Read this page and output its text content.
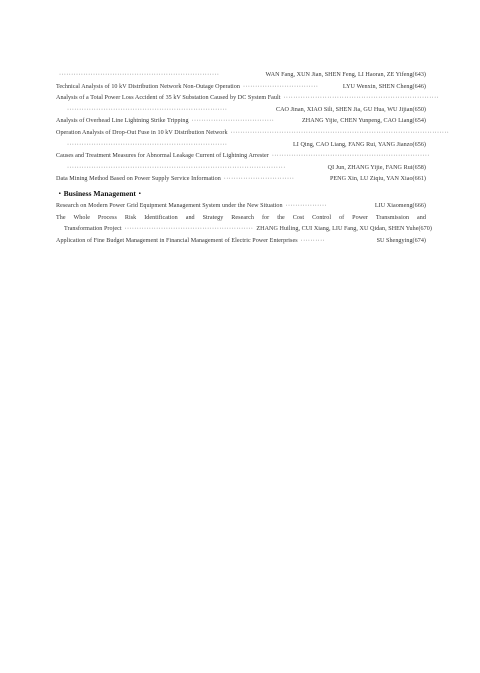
··································································	WAN Fang, XUN Jian, SHEN Feng, LI Haoran, ZE Yifeng(643)
Technical Analysis of 10 kV Distribution Network Non-Outage Operation ·······························	LYU Wenxin, SHEN Cheng(646)
Analysis of a Total Power Loss Accident of 35 kV Substation Caused by DC System Fault ································································
··································································	CAO Jinan, XIAO Sili, SHEN Jia, GU Hua, WU Jijian(650)
Analysis of Overhead Line Lightning Strike Tripping ··································	ZHANG Yijie, CHEN Yunpeng, CAO Liang(654)
Operation Analysis of Drop-Out Fuse in 10 kV Distribution Network ··························································································
··································································	LI Qing, CAO Liang, FANG Rui, YANG Jianzo(656)
Causes and Treatment Measures for Abnormal Leakage Current of Lightning Arrester ·································································
··························································································	QI Jun, ZHANG Yijie, FANG Rui(658)
Data Mining Method Based on Power Supply Service Information ·····························	PENG Xin, LU Ziqiu, YAN Xiao(661)
・Business Management・
Research on Modern Power Grid Equipment Management System under the New Situation ·················	LIU Xiaomeng(666)
The Whole Process Risk Identification and Strategy Research for the Cost Control of Power Transmission and
Transformation Project ····················································· ZHANG Huiling, CUI Xiang, LIU Fang, XU Qidan, SHEN Yuhe(670)
Application of Fine Budget Management in Financial Management of Electric Power Enterprises ··········	SU Shengying(674)
